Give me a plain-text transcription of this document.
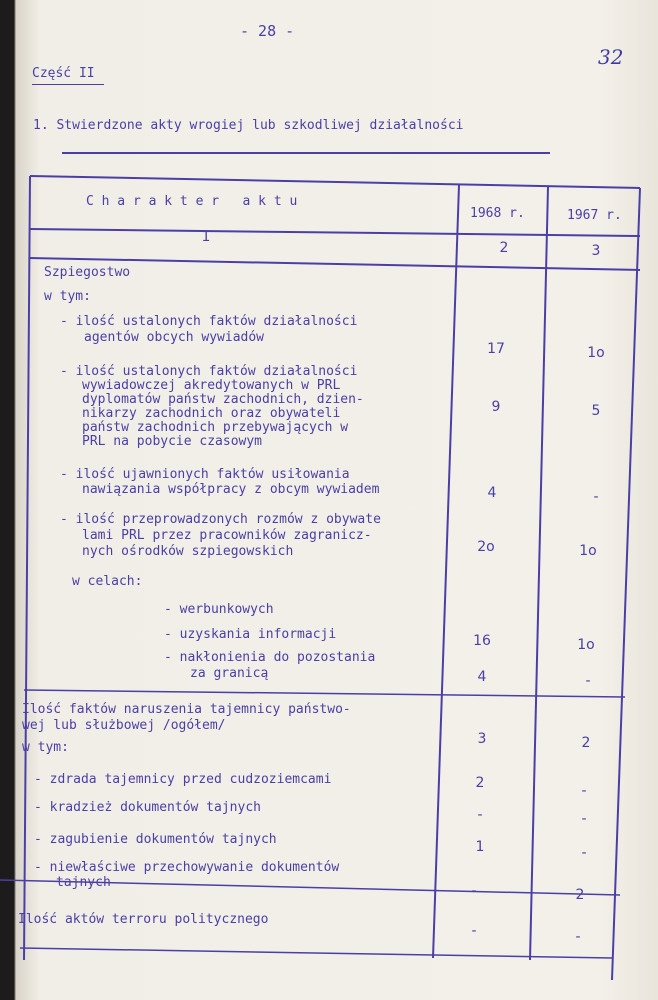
- 28 -
32
Część II
1. Stwierdzone akty wrogiej lub szkodliwej działalności
C h a r a k t e r   a k t u
1968 r.	1967 r.
1
2	3
Szpiegostwo
w tym:
- ilość ustalonych faktów działalności
agentów obcych wywiadów
17	1o
- ilość ustalonych faktów działalności
wywiadowczej akredytowanych w PRL
dyplomatów państw zachodnich, dzien-
nikarzy zachodnich oraz obywateli
państw zachodnich przebywających w
PRL na pobycie czasowym
9	5
- ilość ujawnionych faktów usiłowania
nawiązania współpracy z obcym wywiadem	4	-
- ilość przeprowadzonych rozmów z obywate
lami PRL przez pracowników zagranicz-
nych ośrodków szpiegowskich	2o	1o
w celach:
- werbunkowych
- uzyskania informacji	16	1o
- nakłonienia do pozostania
za granicą	4	-
Ilość faktów naruszenia tajemnicy państwo-
wej lub służbowej /ogółem/
w tym:
3	2
- zdrada tajemnicy przed cudzoziemcami	2	-
- kradzież dokumentów tajnych	-	-
- zagubienie dokumentów tajnych	1	-
- niewłaściwe przechowywanie dokumentów
tajnych
-	2
Ilość aktów terroru politycznego
-	-
